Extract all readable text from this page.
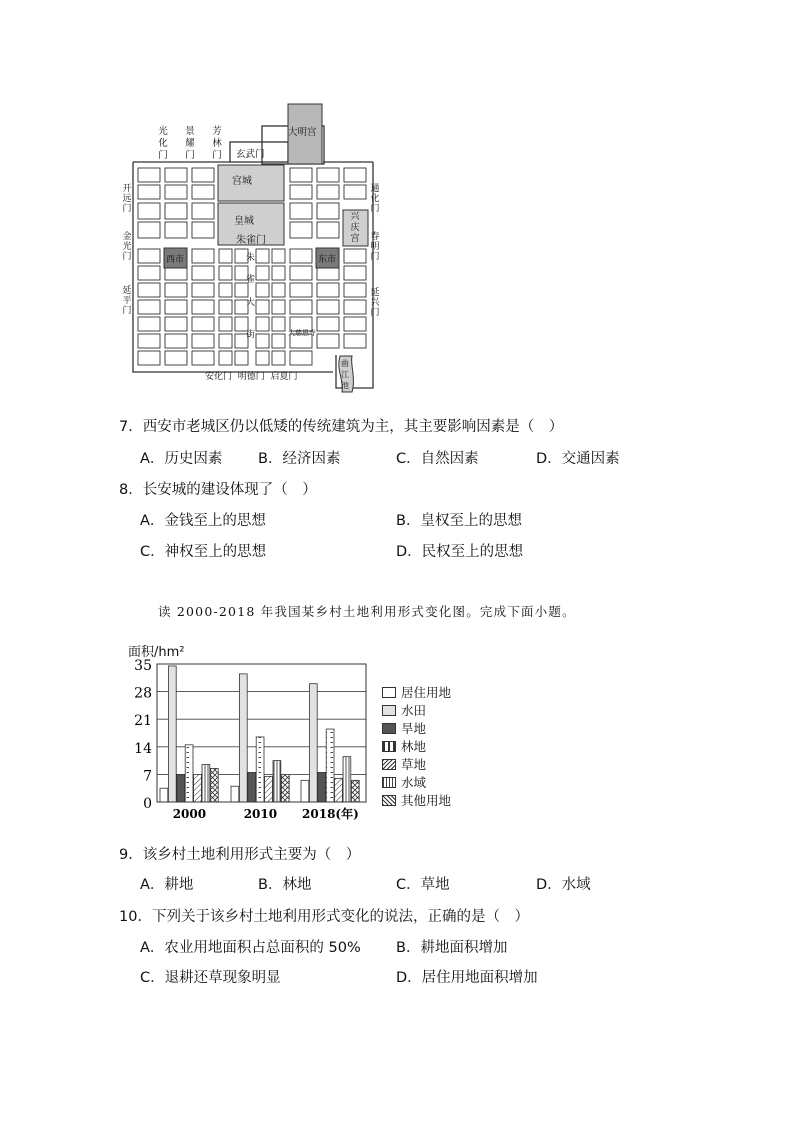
光化门
景耀门
芳林门 玄武门
大明宫
宫城
皇城
朱雀门
西市	东市
兴庆宫
开远门
金光门
延平门
通化门
春明门
延兴门
朱
雀
大
街	大慈恩寺
曲江池
安化门  明德门  启夏门
7．西安市老城区仍以低矮的传统建筑为主，其主要影响因素是（　）
A．历史因素 B．经济因素	C．自然因素	D．交通因素
8．长安城的建设体现了（　）
A．金钱至上的思想	B．皇权至上的思想
C．神权至上的思想	D．民权至上的思想
读 2000-2018 年我国某乡村土地利用形式变化图。完成下面小题。
面积/hm²
0
7
14
21
28
35
2000	2010 2018(年)
居住用地
水田
旱地
林地
草地
水域
其他用地
9．该乡村土地利用形式主要为（　）
A．耕地	B．林地	C．草地	D．水域
10．下列关于该乡村土地利用形式变化的说法，正确的是（　）
A．农业用地面积占总面积的 50% B．耕地面积增加
C．退耕还草现象明显	D．居住用地面积增加
